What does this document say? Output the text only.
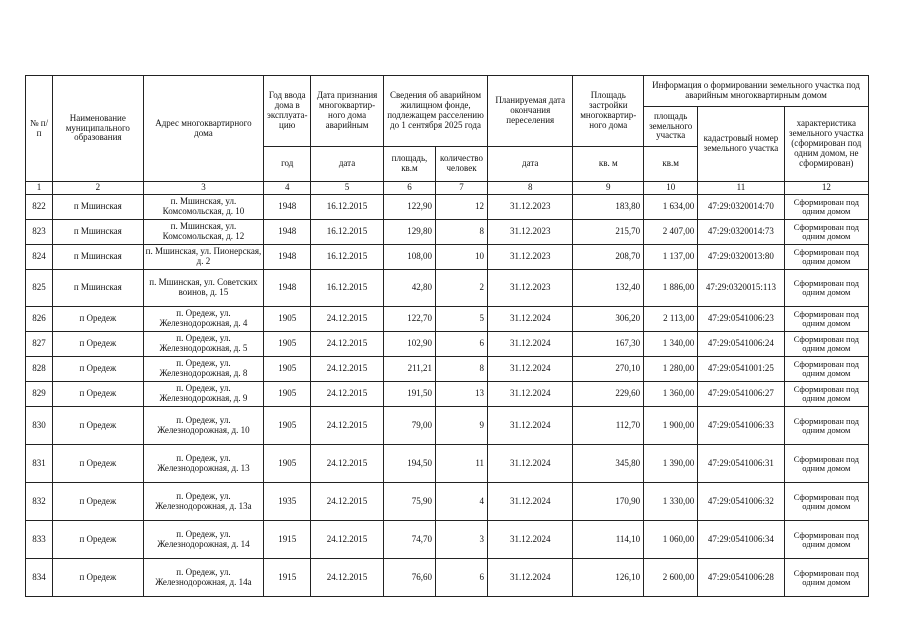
№ п/п	Наименование муниципального образования	Адрес многоквартирного дома	Год ввода дома в эксплуата- цию	Дата признания многоквартир- ного дома аварийным	Сведения об аварийном жилищном фонде, подлежащем расселению до 1 сентября 2025 года		Планируемая дата окончания переселения	Площадь застройки многоквартир- ного дома	Информация о формировании земельного участка под аварийным многоквартирным домом		
									площадь земельного участка	кадастровый номер земельного участка	характеристика земельного участка (сформирован под одним домом, не сформирован)
			год	дата	площадь, кв.м	количество человек	дата	кв. м	кв.м		
1	2	3	4	5	6	7	8	9	10	11	12
822	п Мшинская	п. Мшинская, ул. Комсомольская, д. 10	1948	16.12.2015	122,90	12	31.12.2023	183,80	1 634,00	47:29:0320014:70	Сформирован под одним домом
823	п Мшинская	п. Мшинская, ул. Комсомольская, д. 12	1948	16.12.2015	129,80	8	31.12.2023	215,70	2 407,00	47:29:0320014:73	Сформирован под одним домом
824	п Мшинская	п. Мшинская, ул. Пионерская, д. 2	1948	16.12.2015	108,00	10	31.12.2023	208,70	1 137,00	47:29:0320013:80	Сформирован под одним домом
825	п Мшинская	п. Мшинская, ул. Советских воинов, д. 15	1948	16.12.2015	42,80	2	31.12.2023	132,40	1 886,00	47:29:0320015:113	Сформирован под одним домом
826	п Оредеж	п. Оредеж, ул. Железнодорожная, д. 4	1905	24.12.2015	122,70	5	31.12.2024	306,20	2 113,00	47:29:0541006:23	Сформирован под одним домом
827	п Оредеж	п. Оредеж, ул. Железнодорожная, д. 5	1905	24.12.2015	102,90	6	31.12.2024	167,30	1 340,00	47:29:0541006:24	Сформирован под одним домом
828	п Оредеж	п. Оредеж, ул. Железнодорожная, д. 8	1905	24.12.2015	211,21	8	31.12.2024	270,10	1 280,00	47:29:0541001:25	Сформирован под одним домом
829	п Оредеж	п. Оредеж, ул. Железнодорожная, д. 9	1905	24.12.2015	191,50	13	31.12.2024	229,60	1 360,00	47:29:0541006:27	Сформирован под одним домом
830	п Оредеж	п. Оредеж, ул. Железнодорожная, д. 10	1905	24.12.2015	79,00	9	31.12.2024	112,70	1 900,00	47:29:0541006:33	Сформирован под одним домом
831	п Оредеж	п. Оредеж, ул. Железнодорожная, д. 13	1905	24.12.2015	194,50	11	31.12.2024	345,80	1 390,00	47:29:0541006:31	Сформирован под одним домом
832	п Оредеж	п. Оредеж, ул. Железнодорожная, д. 13а	1935	24.12.2015	75,90	4	31.12.2024	170,90	1 330,00	47:29:0541006:32	Сформирован под одним домом
833	п Оредеж	п. Оредеж, ул. Железнодорожная, д. 14	1915	24.12.2015	74,70	3	31.12.2024	114,10	1 060,00	47:29:0541006:34	Сформирован под одним домом
834	п Оредеж	п. Оредеж, ул. Железнодорожная, д. 14а	1915	24.12.2015	76,60	6	31.12.2024	126,10	2 600,00	47:29:0541006:28	Сформирован под одним домом
